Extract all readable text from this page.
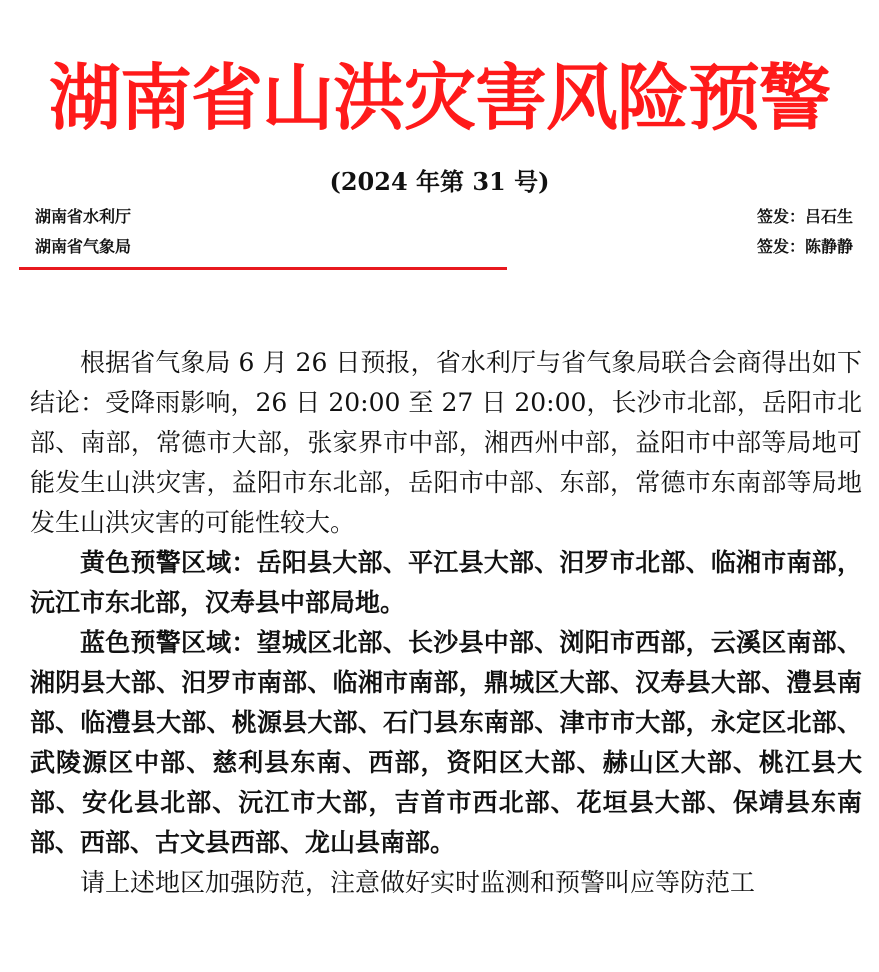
湖南省山洪灾害风险预警
(2024 年第 31 号)
湖南省水利厅	签发：吕石生
湖南省气象局	签发：陈静静

根据省气象局 6 月 26 日预报，省水利厅与省气象局联合会商得出如下结论：受降雨影响，26 日 20:00 至 27 日 20:00，长沙市北部，岳阳市北部、南部，常德市大部，张家界市中部，湘西州中部，益阳市中部等局地可能发生山洪灾害，益阳市东北部，岳阳市中部、东部，常德市东南部等局地发生山洪灾害的可能性较大。

黄色预警区域：岳阳县大部、平江县大部、汨罗市北部、临湘市南部，沅江市东北部，汉寿县中部局地。

蓝色预警区域：望城区北部、长沙县中部、浏阳市西部，云溪区南部、湘阴县大部、汨罗市南部、临湘市南部，鼎城区大部、汉寿县大部、澧县南部、临澧县大部、桃源县大部、石门县东南部、津市市大部，永定区北部、武陵源区中部、慈利县东南、西部，资阳区大部、赫山区大部、桃江县大部、安化县北部、沅江市大部，吉首市西北部、花垣县大部、保靖县东南部、西部、古文县西部、龙山县南部。

请上述地区加强防范，注意做好实时监测和预警叫应等防范工
